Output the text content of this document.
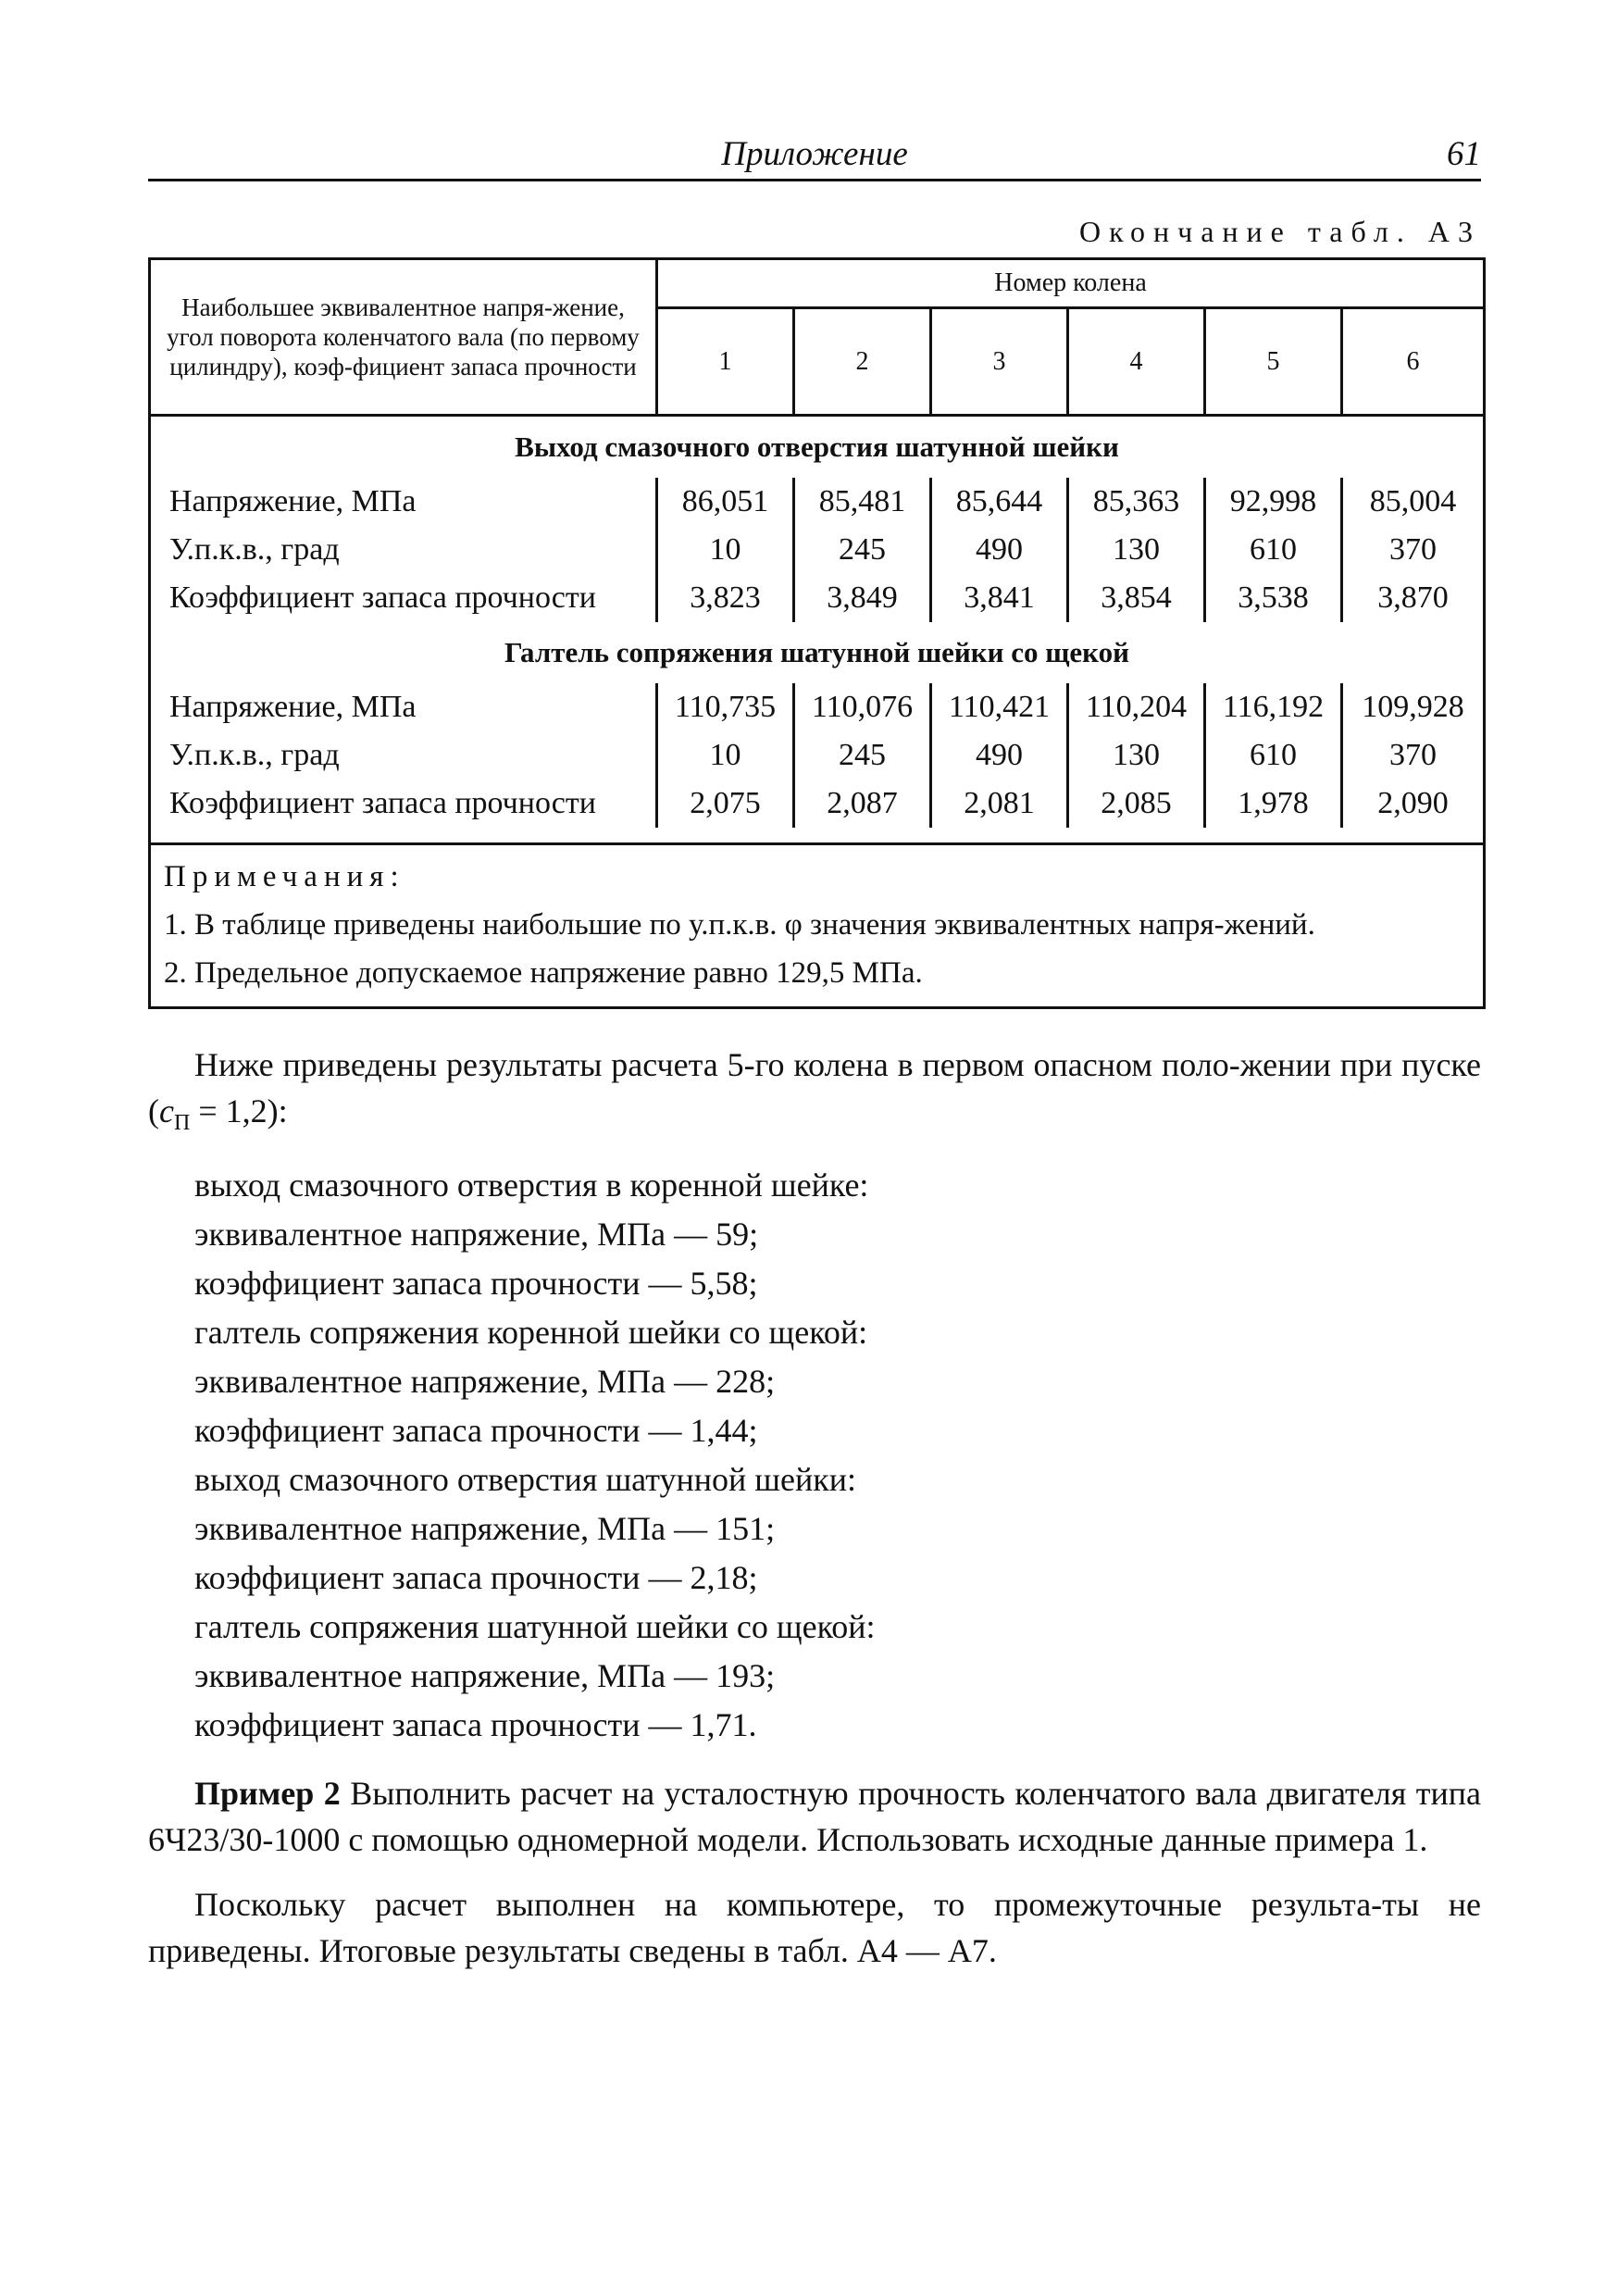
Приложение	61
Окончание табл. А3
Наибольшее эквивалентное напря-жение, угол поворота коленчатого вала (по первому цилиндру), коэф-фициент запаса прочности	Номер колена					
	1	2	3	4	5	6
Выход смазочного отверстия шатунной шейки						
Напряжение, МПа	86,051	85,481	85,644	85,363	92,998	85,004
У.п.к.в., град	10	245	490	130	610	370
Коэффициент запаса прочности	3,823	3,849	3,841	3,854	3,538	3,870
Галтель сопряжения шатунной шейки со щекой						
Напряжение, МПа	110,735	110,076	110,421	110,204	116,192	109,928
У.п.к.в., град	10	245	490	130	610	370
Коэффициент запаса прочности	2,075	2,087	2,081	2,085	1,978	2,090

Примечания:
1. В таблице приведены наибольшие по у.п.к.в. φ значения эквивалентных напря-жений.
2. Предельное допускаемое напряжение равно 129,5 МПа.						

Ниже приведены результаты расчета 5-го колена в первом опасном поло-жении при пуске $(c_П = 1,2)$:

выход смазочного отверстия в коренной шейке:
эквивалентное напряжение, МПа — 59;
коэффициент запаса прочности — 5,58;
галтель сопряжения коренной шейки со щекой:
эквивалентное напряжение, МПа — 228;
коэффициент запаса прочности — 1,44;
выход смазочного отверстия шатунной шейки:
эквивалентное напряжение, МПа — 151;
коэффициент запаса прочности — 2,18;
галтель сопряжения шатунной шейки со щекой:
эквивалентное напряжение, МПа — 193;
коэффициент запаса прочности — 1,71.

Пример 2 Выполнить расчет на усталостную прочность коленчатого вала двигателя типа 6Ч23/30-1000 с помощью одномерной модели. Использовать исходные данные примера 1.

Поскольку расчет выполнен на компьютере, то промежуточные результа-ты не приведены. Итоговые результаты сведены в табл. А4 — А7.
